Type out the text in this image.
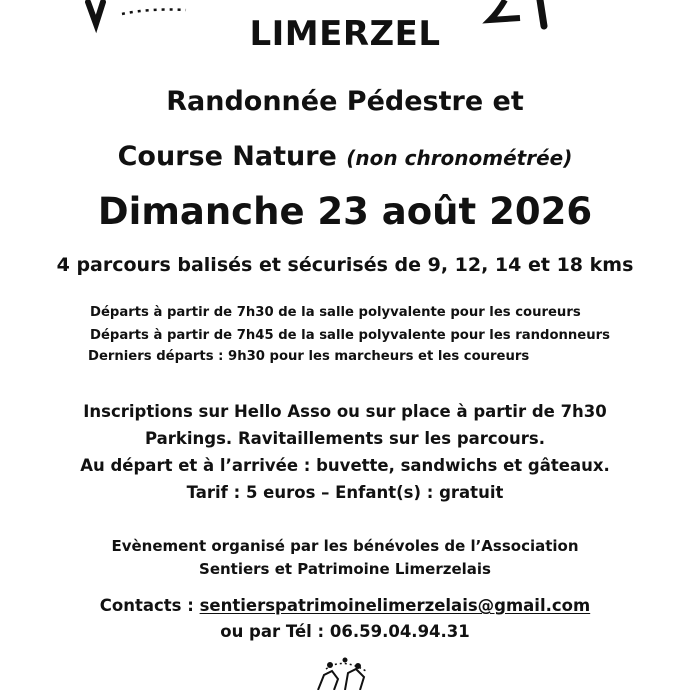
LIMERZEL
Randonnée Pédestre et
Course Nature (non chronométrée)
Dimanche 23 août 2026
4 parcours balisés et sécurisés de 9, 12, 14 et 18 kms
Départs à partir de 7h30 de la salle polyvalente pour les coureurs
Départs à partir de 7h45 de la salle polyvalente pour les randonneurs
Derniers départs : 9h30 pour les marcheurs et les coureurs
Inscriptions sur Hello Asso ou sur place à partir de 7h30
Parkings. Ravitaillements sur les parcours.
Au départ et à l’arrivée : buvette, sandwichs et gâteaux.
Tarif : 5 euros – Enfant(s) : gratuit
Evènement organisé par les bénévoles de l’Association
Sentiers et Patrimoine Limerzelais
Contacts : sentierspatrimoinelimerzelais@gmail.com
ou par Tél : 06.59.04.94.31
